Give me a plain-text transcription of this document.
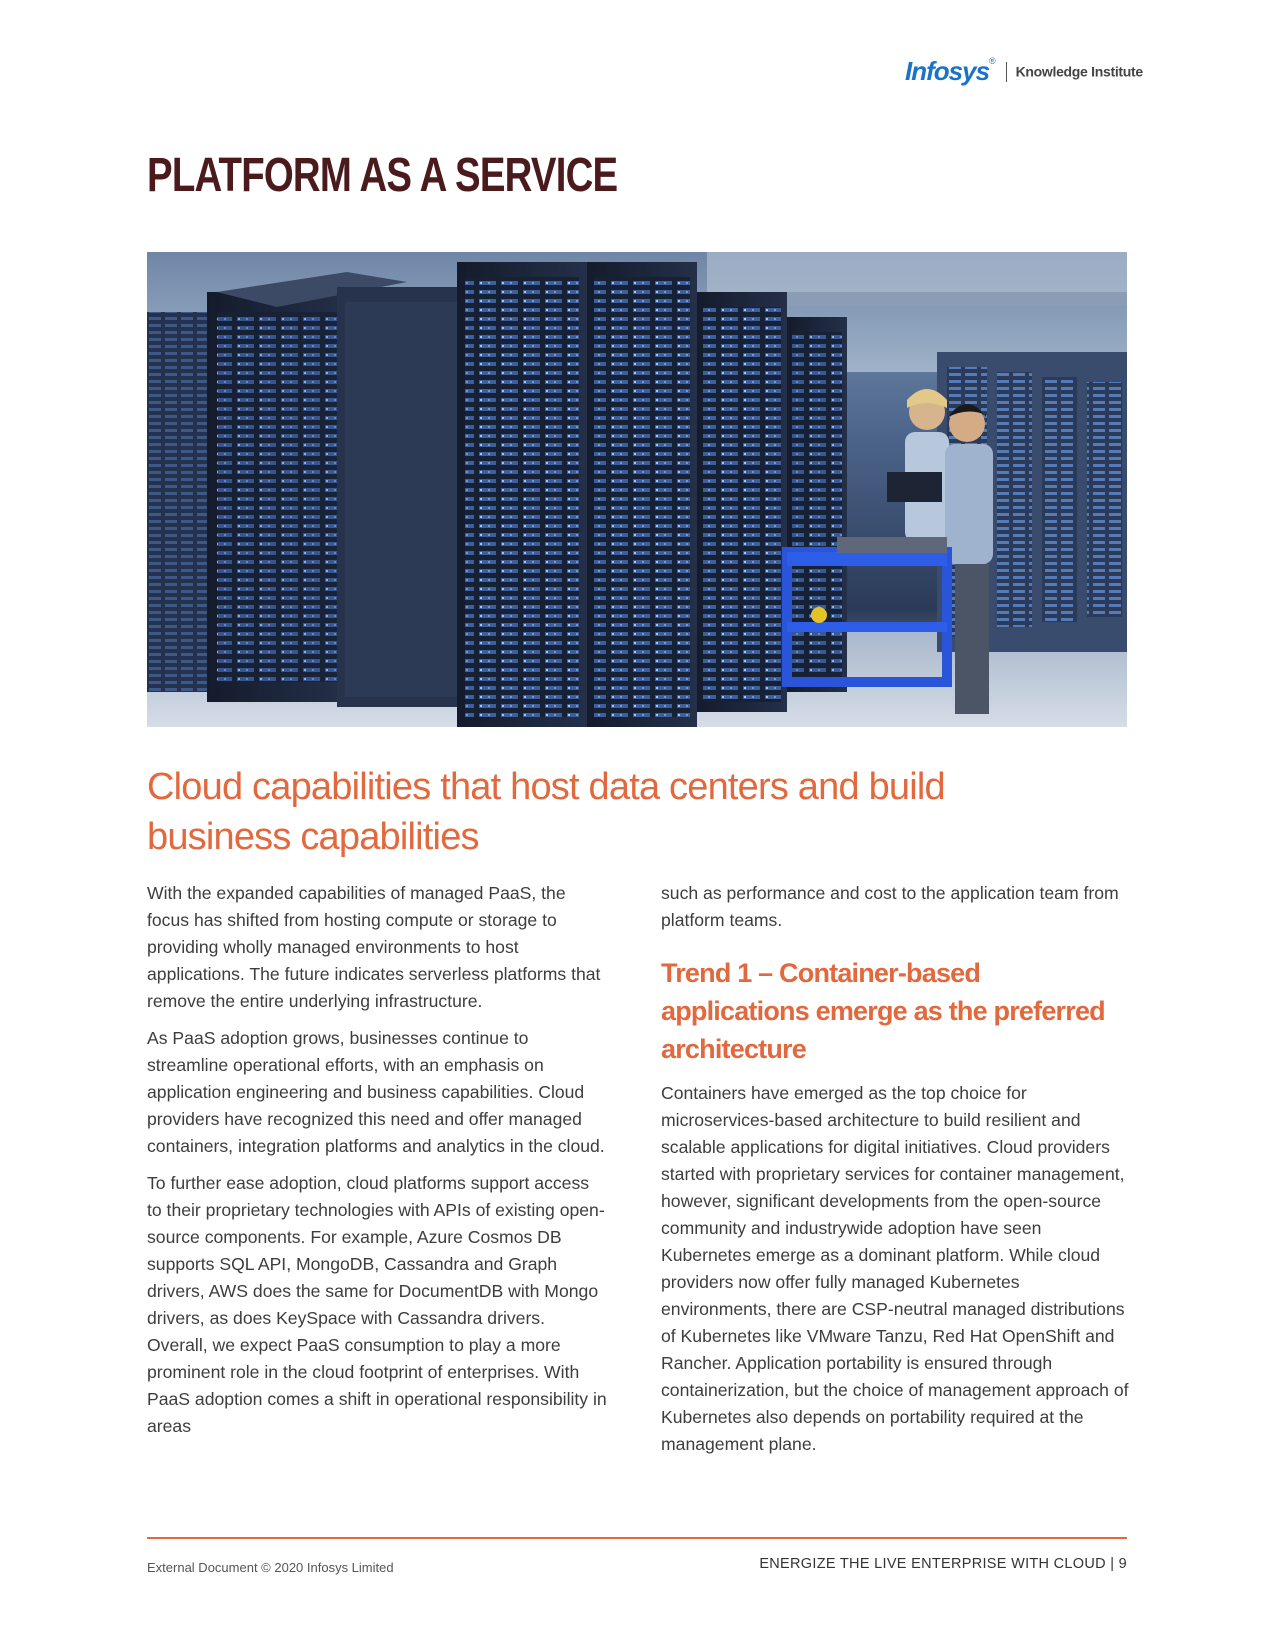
Infosys®  Knowledge Institute
PLATFORM AS A SERVICE
Cloud capabilities that host data centers and build business capabilities

With the expanded capabilities of managed PaaS, the focus has shifted from hosting compute or storage to providing wholly managed environments to host applications. The future indicates serverless platforms that remove the entire underlying infrastructure.

As PaaS adoption grows, businesses continue to streamline operational efforts, with an emphasis on application engineering and business capabilities. Cloud providers have recognized this need and offer managed containers, integration platforms and analytics in the cloud.

To further ease adoption, cloud platforms support access to their proprietary technologies with APIs of existing open-source components. For example, Azure Cosmos DB supports SQL API, MongoDB, Cassandra and Graph drivers, AWS does the same for DocumentDB with Mongo drivers, as does KeySpace with Cassandra drivers. Overall, we expect PaaS consumption to play a more prominent role in the cloud footprint of enterprises. With PaaS adoption comes a shift in operational responsibility in areas

such as performance and cost to the application team from platform teams.

Trend 1 – Container-based applications emerge as the preferred architecture

Containers have emerged as the top choice for microservices-based architecture to build resilient and scalable applications for digital initiatives. Cloud providers started with proprietary services for container management, however, significant developments from the open-source community and industrywide adoption have seen Kubernetes emerge as a dominant platform. While cloud providers now offer fully managed Kubernetes environments, there are CSP-neutral managed distributions of Kubernetes like VMware Tanzu, Red Hat OpenShift and Rancher. Application portability is ensured through containerization, but the choice of management approach of Kubernetes also depends on portability required at the management plane.

External Document © 2020 Infosys Limited	ENERGIZE THE LIVE ENTERPRISE WITH CLOUD | 9
